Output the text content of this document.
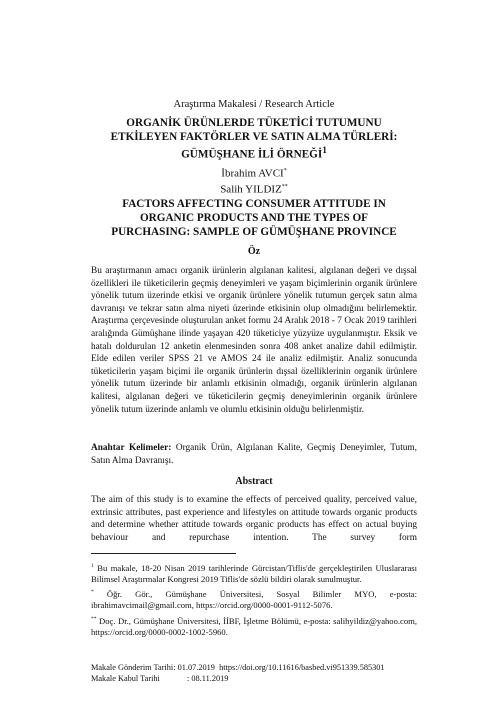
Araştırma Makalesi / Research Article
ORGANİK ÜRÜNLERDE TÜKETİCİ TUTUMUNU
ETKİLEYEN FAKTÖRLER VE SATIN ALMA TÜRLERİ:
GÜMÜŞHANE İLİ ÖRNEĞİ$^1$
İbrahim AVCI*
Salih YILDIZ**
FACTORS AFFECTING CONSUMER ATTITUDE IN
ORGANIC PRODUCTS AND THE TYPES OF
PURCHASING: SAMPLE OF GÜMÜŞHANE PROVINCE
Öz
Bu araştırmanın amacı organik ürünlerin algılanan kalitesi, algılanan değeri ve dışsal özellikleri ile tüketicilerin geçmiş deneyimleri ve yaşam biçimlerinin organik ürünlere yönelik tutum üzerinde etkisi ve organik ürünlere yönelik tutumun gerçek satın alma davranışı ve tekrar satın alma niyeti üzerinde etkisinin olup olmadığını belirlemektir. Araştırma çerçevesinde oluşturulan anket formu 24 Aralık 2018 - 7 Ocak 2019 tarihleri aralığında Gümüşhane ilinde yaşayan 420 tüketiciye yüzyüze uygulanmıştır. Eksik ve hatalı doldurulan 12 anketin elenmesinden sonra 408 anket analize dahil edilmiştir. Elde edilen veriler SPSS 21 ve AMOS 24 ile analiz edilmiştir. Analiz sonucunda tüketicilerin yaşam biçimi ile organik ürünlerin dışsal özelliklerinin organik ürünlere yönelik tutum üzerinde bir anlamlı etkisinin olmadığı, organik ürünlerin algılanan kalitesi, algılanan değeri ve tüketicilerin geçmiş deneyimlerinin organik ürünlere yönelik tutum üzerinde anlamlı ve olumlu etkisinin olduğu belirlenmiştir.
Anahtar Kelimeler: Organik Ürün, Algılanan Kalite, Geçmiş Deneyimler, Tutum, Satın Alma Davranışı.
Abstract
The aim of this study is to examine the effects of perceived quality, perceived value, extrinsic attributes, past experience and lifestyles on attitude towards organic products and determine whether attitude towards organic products has effect on actual buying behaviour and repurchase intention. The survey form

$^1$ Bu makale, 18-20 Nisan 2019 tarihlerinde Gürcistan/Tiflis'de gerçekleştirilen Uluslararası Bilimsel Araştırmalar Kongresi 2019 Tiflis'de sözlü bildiri olarak sunulmuştur.

* Öğr. Gör., Gümüşhane Üniversitesi, Sosyal Bilimler MYO, e-posta: ibrahimavcimail@gmail.com, https://orcid.org/0000-0001-9112-5076.

** Doç. Dr., Gümüşhane Üniversitesi, İİBF, İşletme Bölümü, e-posta: salihyildiz@yahoo.com, https://orcid.org/0000-0002-1002-5960.

Makale Gönderim Tarihi:
01.07.2019
https://doi.org/10.11616/basbed.vi951339.585301
Makale Kabul Tarihi	: 08.11.2019
